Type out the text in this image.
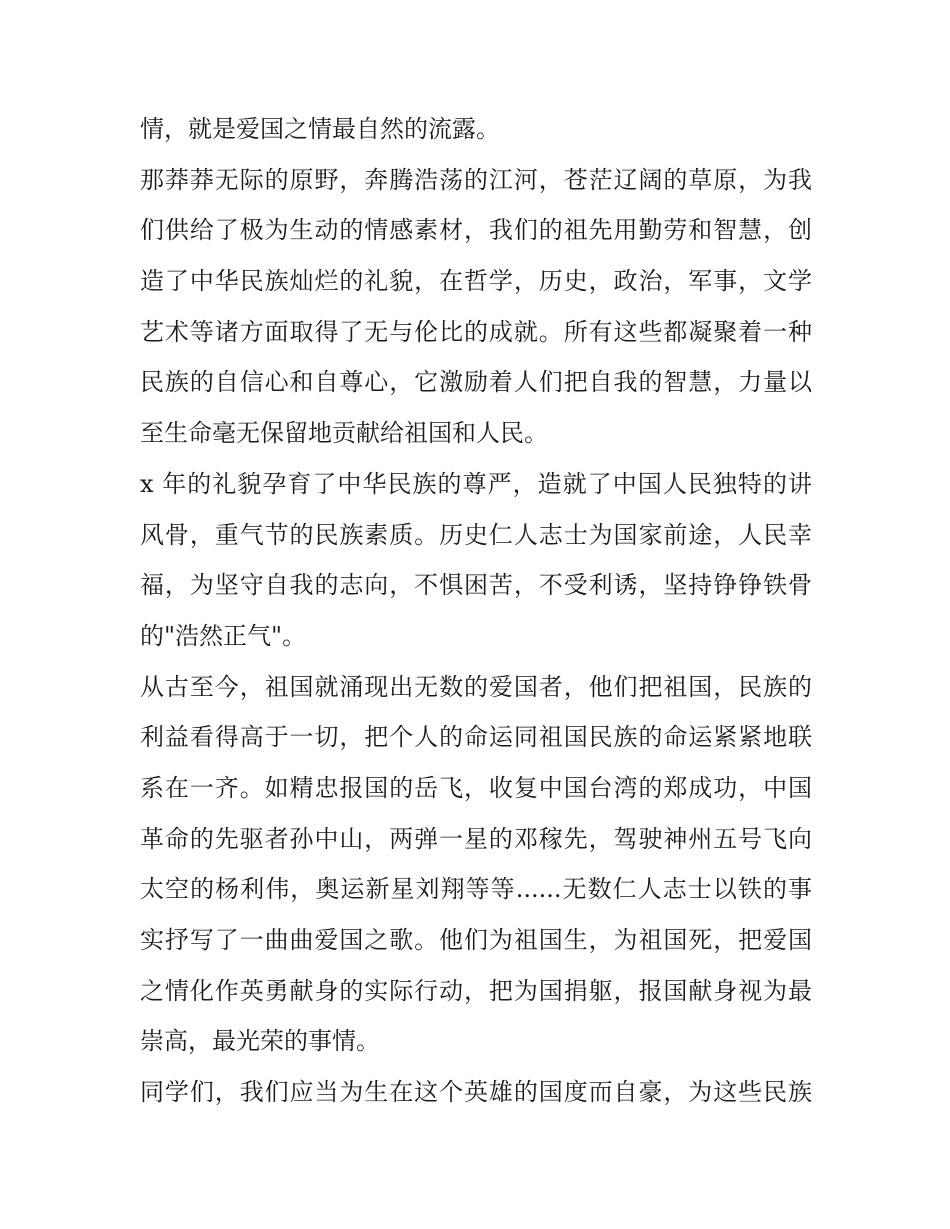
情，就是爱国之情最自然的流露。
那莽莽无际的原野，奔腾浩荡的江河，苍茫辽阔的草原，为我
们供给了极为生动的情感素材，我们的祖先用勤劳和智慧，创
造了中华民族灿烂的礼貌，在哲学，历史，政治，军事，文学
艺术等诸方面取得了无与伦比的成就。所有这些都凝聚着一种
民族的自信心和自尊心，它激励着人们把自我的智慧，力量以
至生命毫无保留地贡献给祖国和人民。
x 年的礼貌孕育了中华民族的尊严，造就了中国人民独特的讲
风骨，重气节的民族素质。历史仁人志士为国家前途，人民幸
福，为坚守自我的志向，不惧困苦，不受利诱，坚持铮铮铁骨
的"浩然正气"。
从古至今，祖国就涌现出无数的爱国者，他们把祖国，民族的
利益看得高于一切，把个人的命运同祖国民族的命运紧紧地联
系在一齐。如精忠报国的岳飞，收复中国台湾的郑成功，中国
革命的先驱者孙中山，两弹一星的邓稼先，驾驶神州五号飞向
太空的杨利伟，奥运新星刘翔等等......无数仁人志士以铁的事
实抒写了一曲曲爱国之歌。他们为祖国生，为祖国死，把爱国
之情化作英勇献身的实际行动，把为国捐躯，报国献身视为最
崇高，最光荣的事情。
同学们，我们应当为生在这个英雄的国度而自豪，为这些民族
